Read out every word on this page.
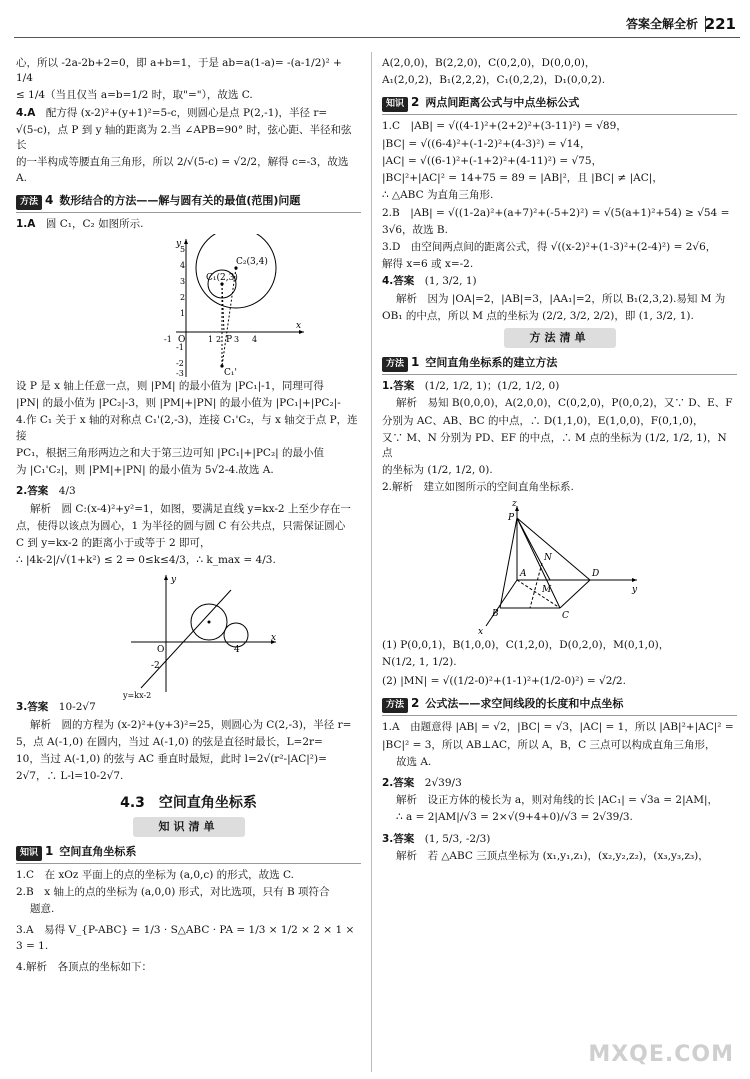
答案全解全析 221

心，所以 -2a-2b+2=0，即 a+b=1，于是 ab=a(1-a)= -(a-1/2)² + 1/4

≤ 1/4（当且仅当 a=b=1/2 时，取"="），故选 C.

4.A　 配方得 (x-2)²+(y+1)²=5-c，则圆心是点 P(2,-1)，半径 r=

√(5-c)，点 P 到 y 轴的距离为 2.当 ∠APB=90° 时，弦心距、半径和弦长

的一半构成等腰直角三角形，所以 2/√(5-c) = √2/2，解得 c=-3，故选 A.

方法 4 数形结合的方法——解与圆有关的最值(范围)问题

1.A　 圆 C₁，C₂ 如图所示.

C₂(3,4)
C₁(2,3)
P
C₁'
x
y
O
5
4
3
2
1
-1
-2
-3
-1	1 2 3 4

设 P 是 x 轴上任意一点，则 |PM| 的最小值为 |PC₁|-1，同理可得

|PN| 的最小值为 |PC₂|-3，则 |PM|+|PN| 的最小值为 |PC₁|+|PC₂|-

4.作 C₁ 关于 x 轴的对称点 C₁'(2,-3)，连接 C₁'C₂，与 x 轴交于点 P，连接

PC₁，根据三角形两边之和大于第三边可知 |PC₁|+|PC₂| 的最小值

为 |C₁'C₂|，则 |PM|+|PN| 的最小值为 5√2-4.故选 A.

2.答案　 4/3

解析　圆 C:(x-4)²+y²=1，如图，要满足直线 y=kx-2 上至少存在一

点，使得以该点为圆心，1 为半径的圆与圆 C 有公共点，只需保证圆心

C 到 y=kx-2 的距离小于或等于 2 即可，

∴ |4k-2|/√(1+k²) ≤ 2 ⇒ 0≤k≤4/3，∴ k_max = 4/3.

x
y
O	4
-2
y=kx-2

3.答案　 10-2√7

解析　圆的方程为 (x-2)²+(y+3)²=25，则圆心为 C(2,-3)，半径 r=

5，点 A(-1,0) 在圆内，当过 A(-1,0) 的弦是直径时最长，L=2r=

10，当过 A(-1,0) 的弦与 AC 垂直时最短，此时 l=2√(r²-|AC|²)=

2√7，∴ L-l=10-2√7.

4.3　空间直角坐标系
知识清单
知识 1 空间直角坐标系

1.C　在 xOz 平面上的点的坐标为 (a,0,c) 的形式，故选 C.

2.B　x 轴上的点的坐标为 (a,0,0) 形式，对比选项，只有 B 项符合

题意.

3.A　易得 V_{P-ABC} = 1/3 · S△ABC · PA = 1/3 × 1/2 × 2 × 1 × 3 = 1.

4.解析　各顶点的坐标如下：

A(2,0,0)，B(2,2,0)，C(0,2,0)，D(0,0,0)，

A₁(2,0,2)，B₁(2,2,2)，C₁(0,2,2)，D₁(0,0,2).

知识 2 两点间距离公式与中点坐标公式

1.C　|AB| = √((4-1)²+(2+2)²+(3-11)²) = √89，

|BC| = √((6-4)²+(-1-2)²+(4-3)²) = √14，

|AC| = √((6-1)²+(-1+2)²+(4-11)²) = √75，

|BC|²+|AC|² = 14+75 = 89 = |AB|²，且 |BC| ≠ |AC|，

∴ △ABC 为直角三角形.

2.B　|AB| = √((1-2a)²+(a+7)²+(-5+2)²) = √(5(a+1)²+54) ≥ √54 =

3√6，故选 B.

3.D　由空间两点间的距离公式，得 √((x-2)²+(1-3)²+(2-4)²) = 2√6，

解得 x=6 或 x=-2.

4.答案　 (1, 3/2, 1)

解析　因为 |OA|=2，|AB|=3，|AA₁|=2，所以 B₁(2,3,2).易知 M 为

OB₁ 的中点，所以 M 点的坐标为 (2/2, 3/2, 2/2)，即 (1, 3/2, 1).

方法清单
方法 1 空间直角坐标系的建立方法

1.答案　 (1/2, 1/2, 1)；(1/2, 1/2, 0)

解析　易知 B(0,0,0)，A(2,0,0)，C(0,2,0)，P(0,0,2)，又∵ D、E、F

分别为 AC、AB、BC 的中点，∴ D(1,1,0)，E(1,0,0)，F(0,1,0)，

又∵ M、N 分别为 PD、EF 的中点，∴ M 点的坐标为 (1/2, 1/2, 1)，N 点

的坐标为 (1/2, 1/2, 0).

2.解析　建立如图所示的空间直角坐标系.

P
z
N
A
M
D
y
B	C
x

(1) P(0,0,1)，B(1,0,0)，C(1,2,0)，D(0,2,0)，M(0,1,0)，

N(1/2, 1, 1/2).

(2) |MN| = √((1/2-0)²+(1-1)²+(1/2-0)²) = √2/2.

方法 2 公式法——求空间线段的长度和中点坐标

1.A　由题意得 |AB| = √2，|BC| = √3，|AC| = 1，所以 |AB|²+|AC|² =

|BC|² = 3，所以 AB⊥AC，所以 A，B，C 三点可以构成直角三角形，

故选 A.

2.答案　 2√39/3

解析　设正方体的棱长为 a，则对角线的长 |AC₁| = √3a = 2|AM|，

∴ a = 2|AM|/√3 = 2×√(9+4+0)/√3 = 2√39/3.

3.答案　 (1, 5/3, -2/3)

解析　若 △ABC 三顶点坐标为 (x₁,y₁,z₁)，(x₂,y₂,z₂)，(x₃,y₃,z₃)，

MXQE.COM
